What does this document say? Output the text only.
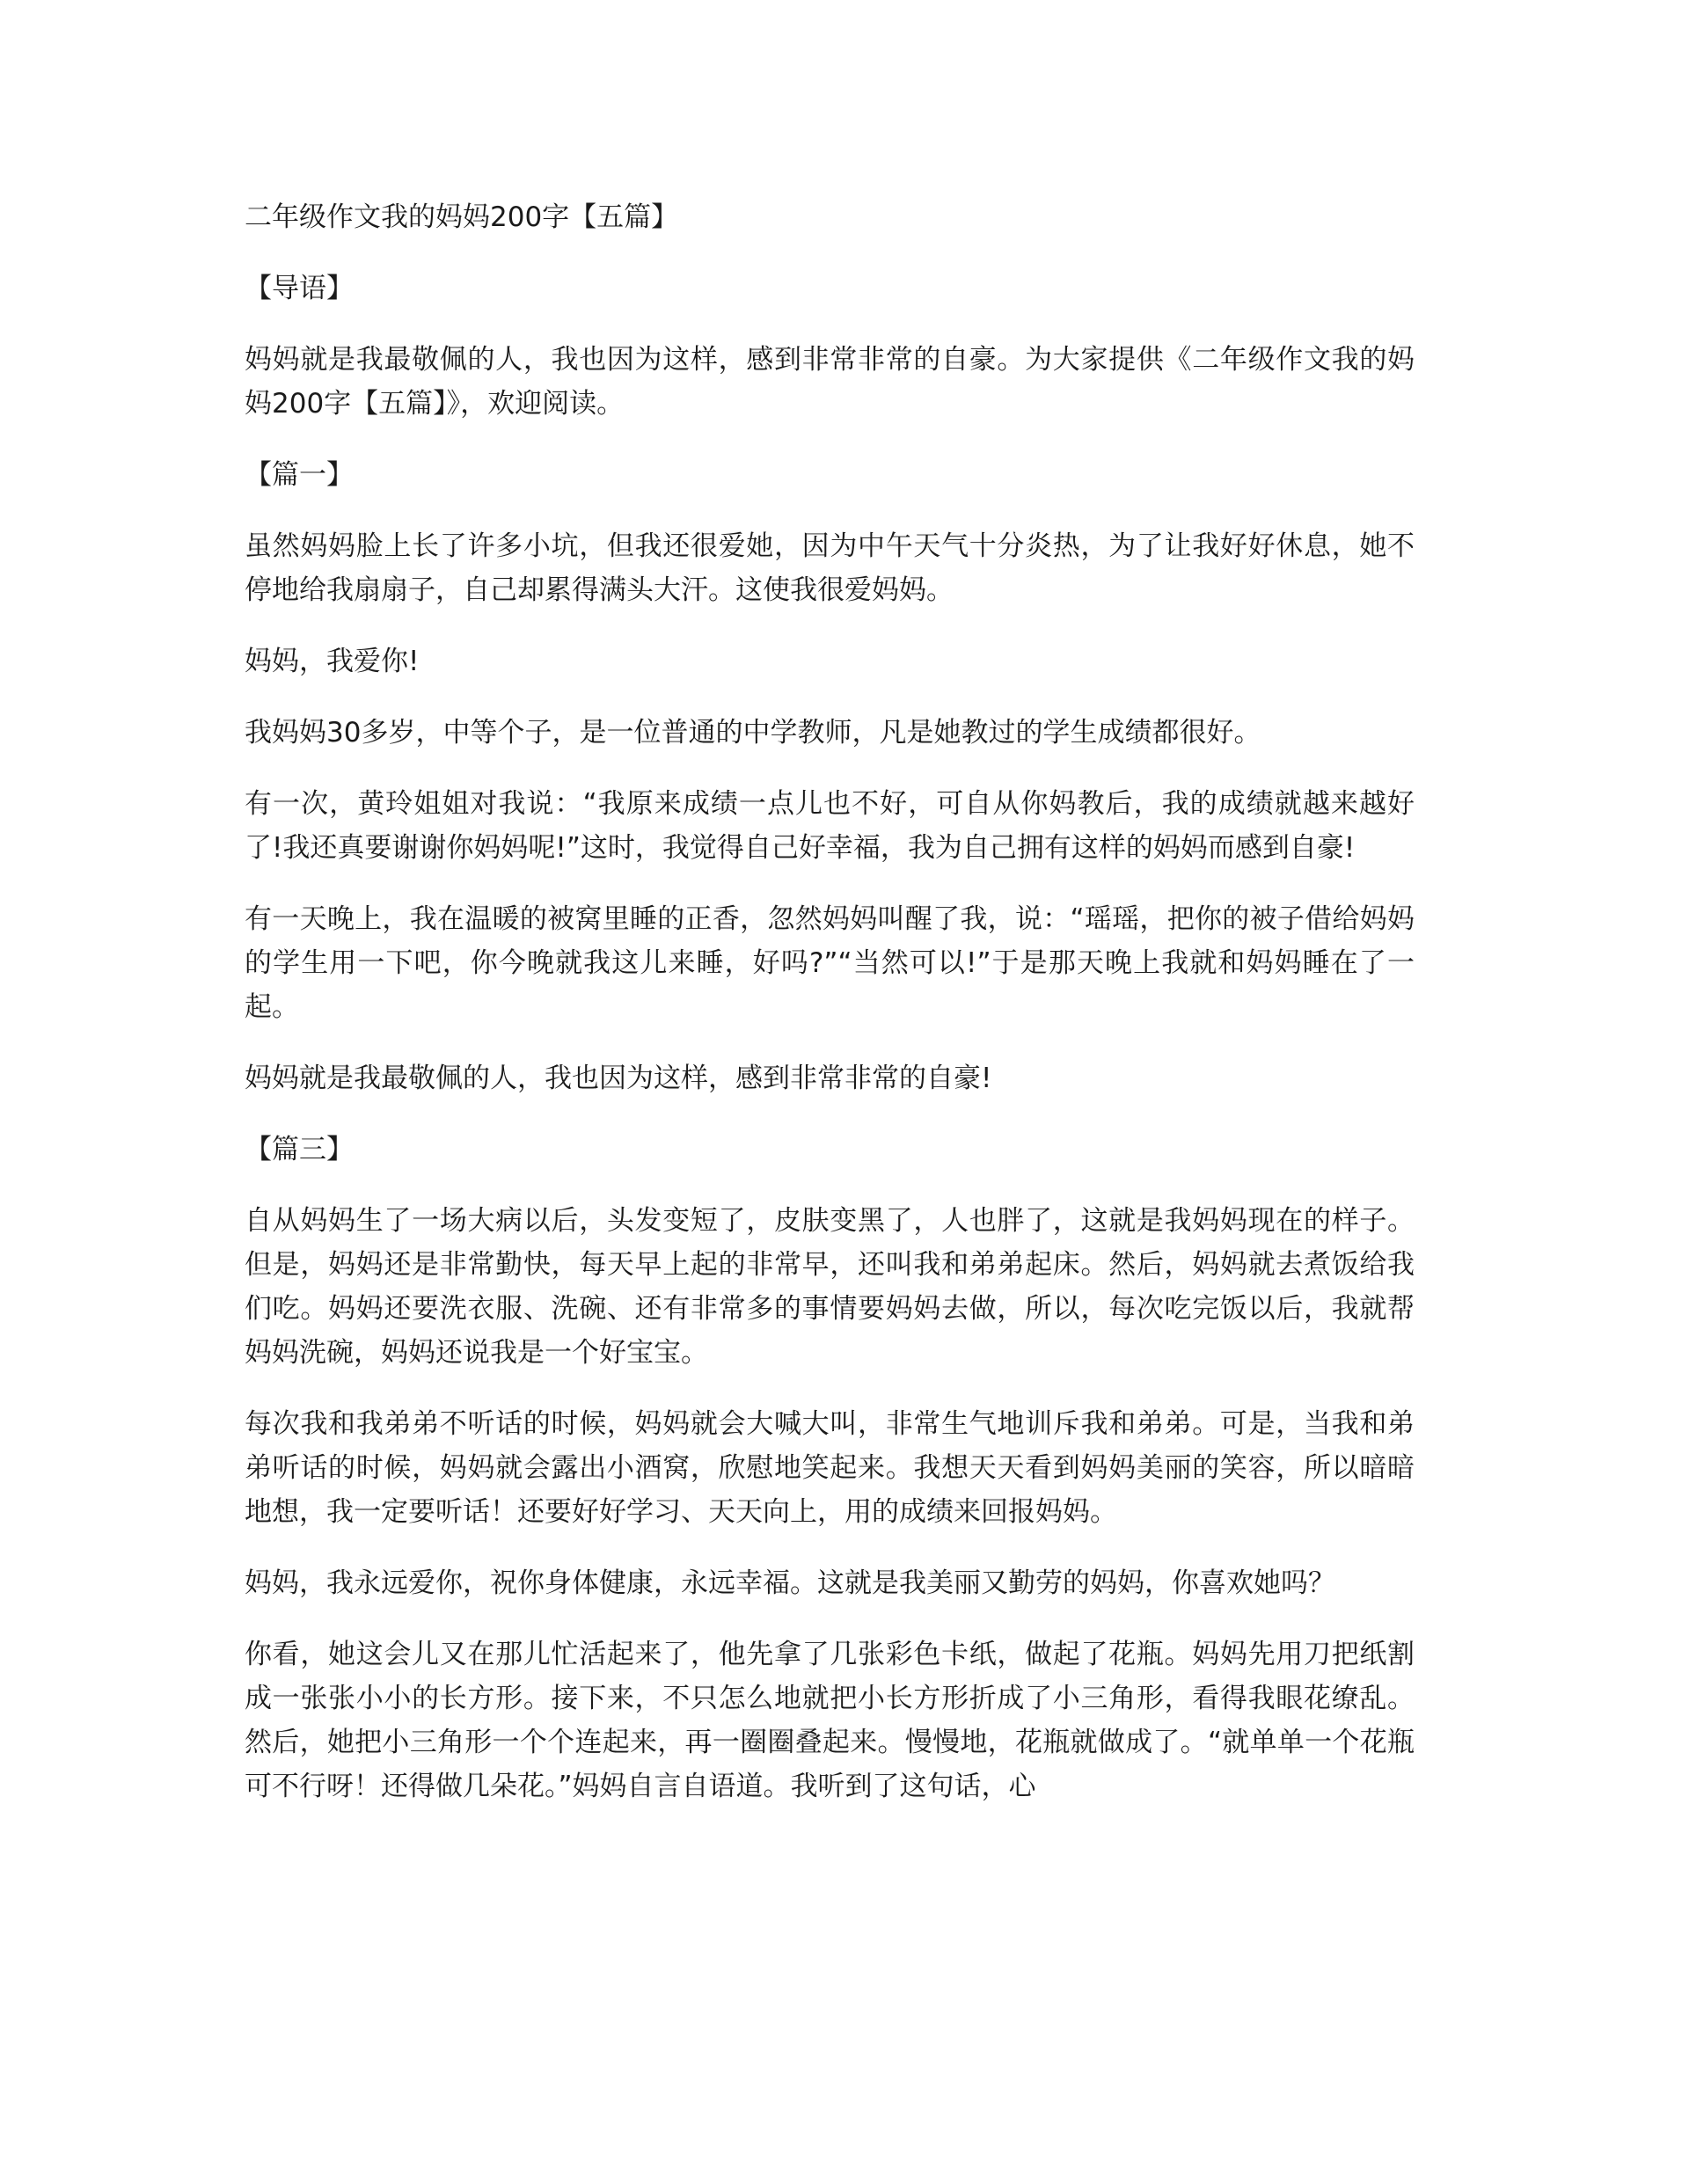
二年级作文我的妈妈200字【五篇】
【导语】
妈妈就是我最敬佩的人，我也因为这样，感到非常非常的自豪。为大家提供《二年级作文我的妈妈200字【五篇】》，欢迎阅读。
【篇一】
虽然妈妈脸上长了许多小坑，但我还很爱她，因为中午天气十分炎热，为了让我好好休息，她不停地给我扇扇子，自己却累得满头大汗。这使我很爱妈妈。
妈妈，我爱你!
我妈妈30多岁，中等个子，是一位普通的中学教师，凡是她教过的学生成绩都很好。
有一次，黄玲姐姐对我说：“我原来成绩一点儿也不好，可自从你妈教后，我的成绩就越来越好了!我还真要谢谢你妈妈呢!”这时，我觉得自己好幸福，我为自己拥有这样的妈妈而感到自豪!
有一天晚上，我在温暖的被窝里睡的正香，忽然妈妈叫醒了我，说：“瑶瑶，把你的被子借给妈妈的学生用一下吧，你今晚就我这儿来睡，好吗?”“当然可以!”于是那天晚上我就和妈妈睡在了一起。
妈妈就是我最敬佩的人，我也因为这样，感到非常非常的自豪!
【篇三】
自从妈妈生了一场大病以后，头发变短了，皮肤变黑了，人也胖了，这就是我妈妈现在的样子。但是，妈妈还是非常勤快，每天早上起的非常早，还叫我和弟弟起床。然后，妈妈就去煮饭给我们吃。妈妈还要洗衣服、洗碗、还有非常多的事情要妈妈去做，所以，每次吃完饭以后，我就帮妈妈洗碗，妈妈还说我是一个好宝宝。
每次我和我弟弟不听话的时候，妈妈就会大喊大叫，非常生气地训斥我和弟弟。可是，当我和弟弟听话的时候，妈妈就会露出小酒窝，欣慰地笑起来。我想天天看到妈妈美丽的笑容，所以暗暗地想，我一定要听话！还要好好学习、天天向上，用的成绩来回报妈妈。
妈妈，我永远爱你，祝你身体健康，永远幸福。这就是我美丽又勤劳的妈妈，你喜欢她吗？
你看，她这会儿又在那儿忙活起来了，他先拿了几张彩色卡纸，做起了花瓶。妈妈先用刀把纸割成一张张小小的长方形。接下来，不只怎么地就把小长方形折成了小三角形，看得我眼花缭乱。然后，她把小三角形一个个连起来，再一圈圈叠起来。慢慢地，花瓶就做成了。“就单单一个花瓶可不行呀！还得做几朵花。”妈妈自言自语道。我听到了这句话，心
